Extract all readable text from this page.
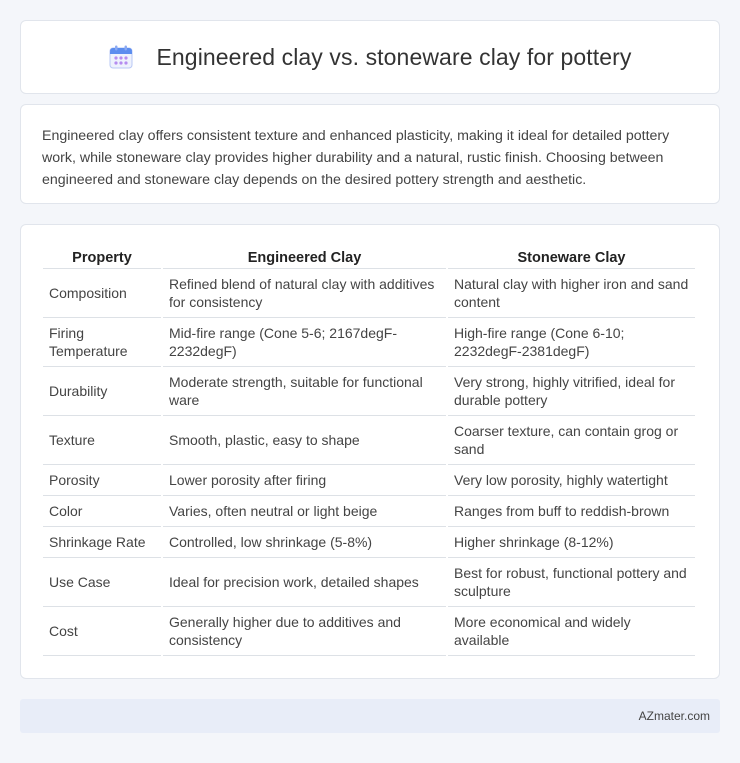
Engineered clay vs. stoneware clay for pottery

Engineered clay offers consistent texture and enhanced plasticity, making it ideal for detailed pottery work, while stoneware clay provides higher durability and a natural, rustic finish. Choosing between engineered and stoneware clay depends on the desired pottery strength and aesthetic.

Property	Engineered Clay	Stoneware Clay
Composition	Refined blend of natural clay with additives for consistency	Natural clay with higher iron and sand content
Firing Temperature	Mid-fire range (Cone 5-6; 2167degF-2232degF)	High-fire range (Cone 6-10; 2232degF-2381degF)
Durability	Moderate strength, suitable for functional ware	Very strong, highly vitrified, ideal for durable pottery
Texture	Smooth, plastic, easy to shape	Coarser texture, can contain grog or sand
Porosity	Lower porosity after firing	Very low porosity, highly watertight
Color	Varies, often neutral or light beige	Ranges from buff to reddish-brown
Shrinkage Rate	Controlled, low shrinkage (5-8%)	Higher shrinkage (8-12%)
Use Case	Ideal for precision work, detailed shapes	Best for robust, functional pottery and sculpture
Cost	Generally higher due to additives and consistency	More economical and widely available
AZmater.com
